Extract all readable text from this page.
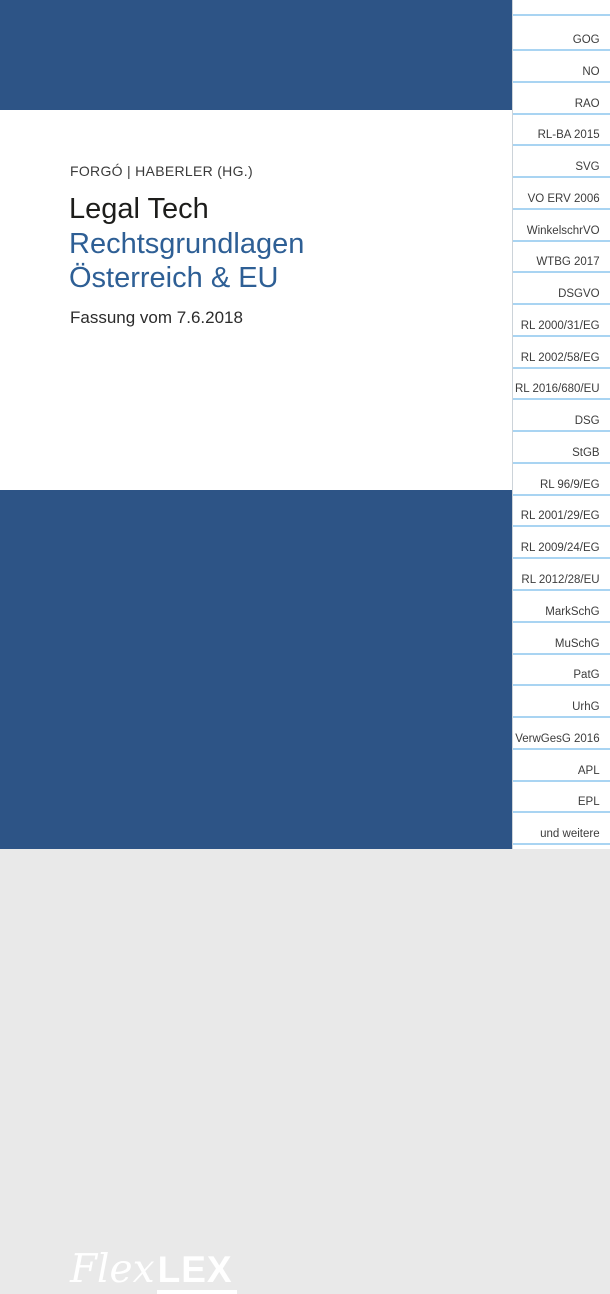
FORGÓ | HABERLER (HG.)
Legal Tech
Rechtsgrundlagen
Österreich & EU
Fassung vom 7.6.2018
Flex LEX
GOG
NO
RAO
RL-BA 2015
SVG
VO ERV 2006
WinkelschrVO
WTBG 2017
DSGVO
RL 2000/31/EG
RL 2002/58/EG
RL 2016/680/EU
DSG
StGB
RL 96/9/EG
RL 2001/29/EG
RL 2009/24/EG
RL 2012/28/EU
MarkSchG
MuSchG
PatG
UrhG
VerwGesG 2016
APL
EPL
und weitere
